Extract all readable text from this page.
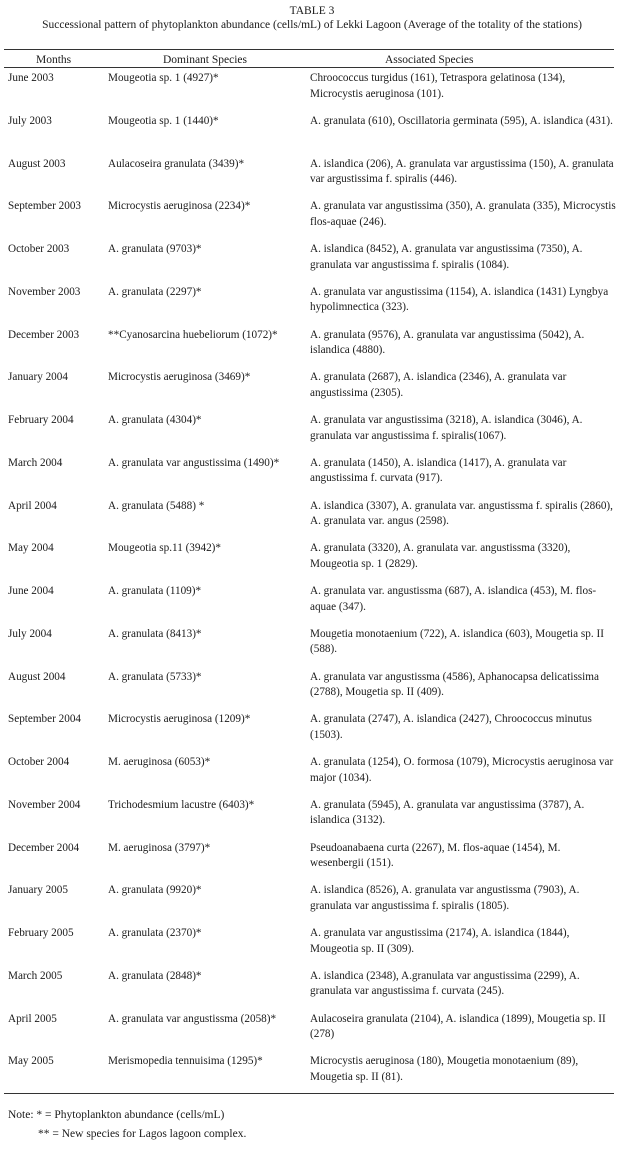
TABLE 3
Successional pattern of phytoplankton abundance (cells/mL) of Lekki Lagoon (Average of the totality of the stations)
Months	Dominant Species	Associated Species
June 2003	Mougeotia sp. 1 (4927)*	Chroococcus turgidus (161), Tetraspora gelatinosa (134), Microcystis aeruginosa (101).
July 2003	Mougeotia sp. 1 (1440)*	A. granulata (610), Oscillatoria germinata (595), A. islandica (431).
August 2003	Aulacoseira granulata (3439)*	A. islandica (206), A. granulata var argustissima (150), A. granulata var argustissima f. spiralis (446).
September 2003	Microcystis aeruginosa (2234)*	A. granulata var angustissima (350), A. granulata (335), Microcystis flos-aquae (246).
October 2003	A. granulata (9703)*	A. islandica (8452), A. granulata var angustissima (7350), A. granulata var angustissima f. spiralis (1084).
November 2003	A. granulata (2297)*	A. granulata var angustissima (1154), A. islandica (1431) Lyngbya hypolimnectica (323).
December 2003	**Cyanosarcina huebeliorum (1072)*	A. granulata (9576), A. granulata var angustissima (5042), A. islandica (4880).
January 2004	Microcystis aeruginosa (3469)*	A. granulata (2687), A. islandica (2346), A. granulata var angustissima (2305).
February 2004	A. granulata (4304)*	A. granulata var angustissima (3218), A. islandica (3046), A. granulata var angustissima f. spiralis(1067).
March 2004	A. granulata var angustissima (1490)*	A. granulata (1450), A. islandica (1417), A. granulata var angustissima f. curvata (917).
April 2004	A. granulata (5488) *	A. islandica (3307), A. granulata var. angustissma f. spiralis (2860), A. granulata var. angus (2598).
May 2004	Mougeotia sp.11 (3942)*	A. granulata (3320), A. granulata var. angustissma (3320), Mougeotia sp. 1 (2829).
June 2004	A. granulata (1109)*	A. granulata var. angustissma (687), A. islandica (453), M. flos-aquae (347).
July 2004	A. granulata (8413)*	Mougetia monotaenium (722), A. islandica (603), Mougetia sp. II (588).
August 2004	A. granulata (5733)*	A. granulata var angustissma (4586), Aphanocapsa delicatissima (2788), Mougetia sp. II (409).
September 2004	Microcystis aeruginosa (1209)*	A. granulata (2747), A. islandica (2427), Chroococcus minutus (1503).
October 2004	M. aeruginosa (6053)*	A. granulata (1254), O. formosa (1079), Microcystis aeruginosa var major (1034).
November 2004	Trichodesmium lacustre (6403)*	A. granulata (5945), A. granulata var angustissima (3787), A. islandica (3132).
December 2004	M. aeruginosa (3797)*	Pseudoanabaena curta (2267), M. flos-aquae (1454), M. wesenbergii (151).
January 2005	A. granulata (9920)*	A. islandica (8526), A. granulata var angustissma (7903), A. granulata var angustissima f. spiralis (1805).
February 2005	A. granulata (2370)*	A. granulata var angustissima (2174), A. islandica (1844), Mougeotia sp. II (309).
March 2005	A. granulata (2848)*	A. islandica (2348), A.granulata var angustissima (2299), A. granulata var angustissima f. curvata (245).
April 2005	A. granulata var angustissma (2058)*	Aulacoseira granulata (2104), A. islandica (1899), Mougetia sp. II (278)
May 2005	Merismopedia tennuisima (1295)*	Microcystis aeruginosa (180), Mougetia monotaenium (89), Mougetia sp. II (81).
Note: * = Phytoplankton abundance (cells/mL)
** = New species for Lagos lagoon complex.
